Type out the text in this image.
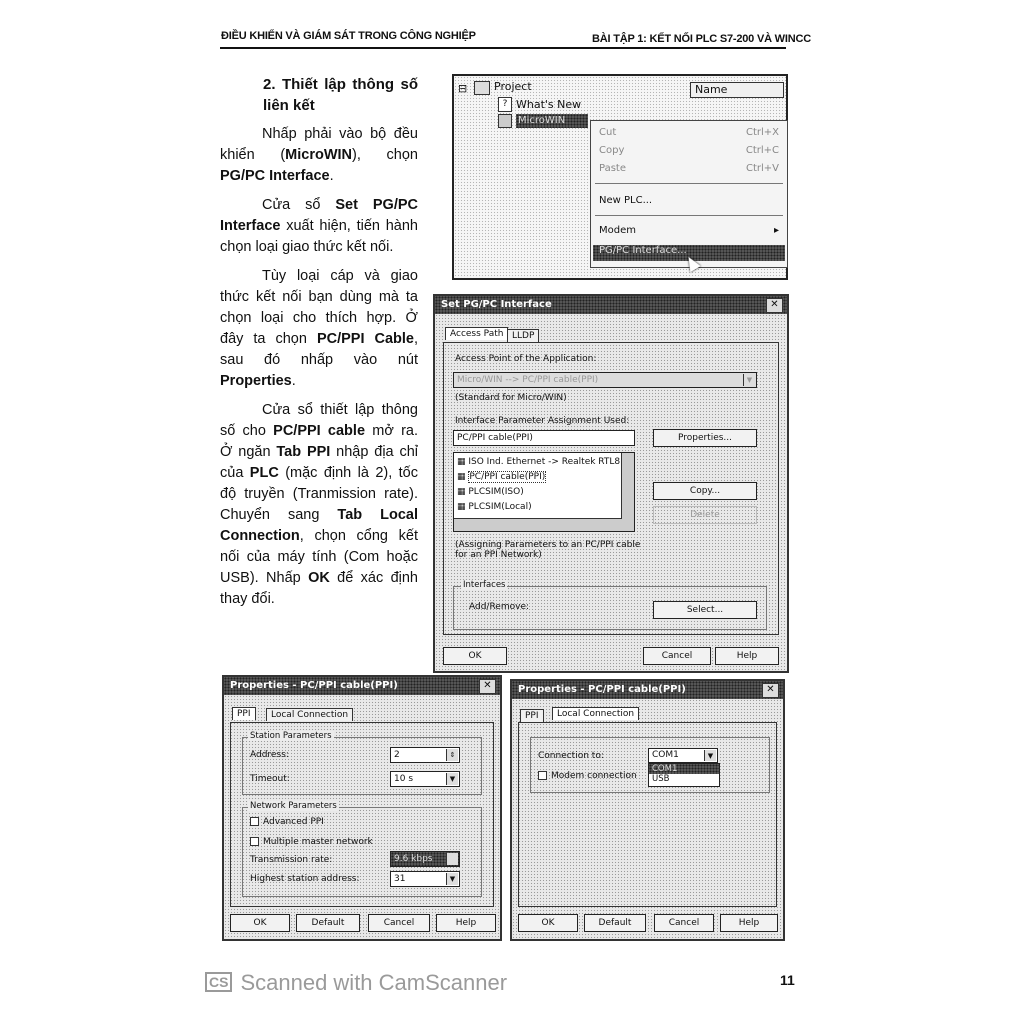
ĐIỀU KHIỂN VÀ GIÁM SÁT TRONG CÔNG NGHIỆP	BÀI TẬP 1: KẾT NỐI PLC S7-200 VÀ WINCC

2. Thiết lập thông số liên kết

Nhấp phải vào bộ đều khiển (MicroWIN), chọn PG/PC Interface.

Cửa sổ Set PG/PC Interface xuất hiện, tiến hành chọn loại giao thức kết nối.

Tùy loại cáp và giao thức kết nối bạn dùng mà ta chọn loại cho thích hợp. Ở đây ta chọn PC/PPI Cable, sau đó nhấp vào nút Properties.

Cửa sổ thiết lập thông số cho PC/PPI cable mở ra. Ở ngăn Tab PPI nhập địa chỉ của PLC (mặc định là 2), tốc độ truyền (Tranmission rate). Chuyển sang Tab Local Connection, chọn cổng kết nối của máy tính (Com hoặc USB). Nhấp OK để xác định thay đổi.

⊟ Project
? What's New
MicroWIN
Name
Cut	Ctrl+X
Copy	Ctrl+C
Paste	Ctrl+V
New PLC...
Modem	▸
PG/PC Interface...
Set PG/PC Interface	✕
Access Path LLDP
Access Point of the Application:
Micro/WIN --> PC/PPI cable(PPI)	▼
(Standard for Micro/WIN)
Interface Parameter Assignment Used:
PC/PPI cable(PPI)	Properties...
▦ ISO Ind. Ethernet -> Realtek RTL8
▦ PC/PPI cable(PPI)
▦ PLCSIM(ISO)
▦ PLCSIM(Local)
Copy...
Delete
(Assigning Parameters to an PC/PPI cable for an PPI Network)
Interfaces
Add/Remove:	Select...
OK	Cancel	Help
Properties - PC/PPI cable(PPI)	✕
PPI	Local Connection
Station Parameters
Address:	2	⇕
Timeout:	10 s	▼
Network Parameters
Advanced PPI
Multiple master network
Transmission rate:	9.6 kbps	▼
Highest station address:	31	▼
OK	Default	Cancel	Help
Properties - PC/PPI cable(PPI)	✕
PPI	Local Connection
Connection to:	COM1	▼
COM1
USB
Modem connection
OK	Default	Cancel	Help
CS Scanned with CamScanner	11
